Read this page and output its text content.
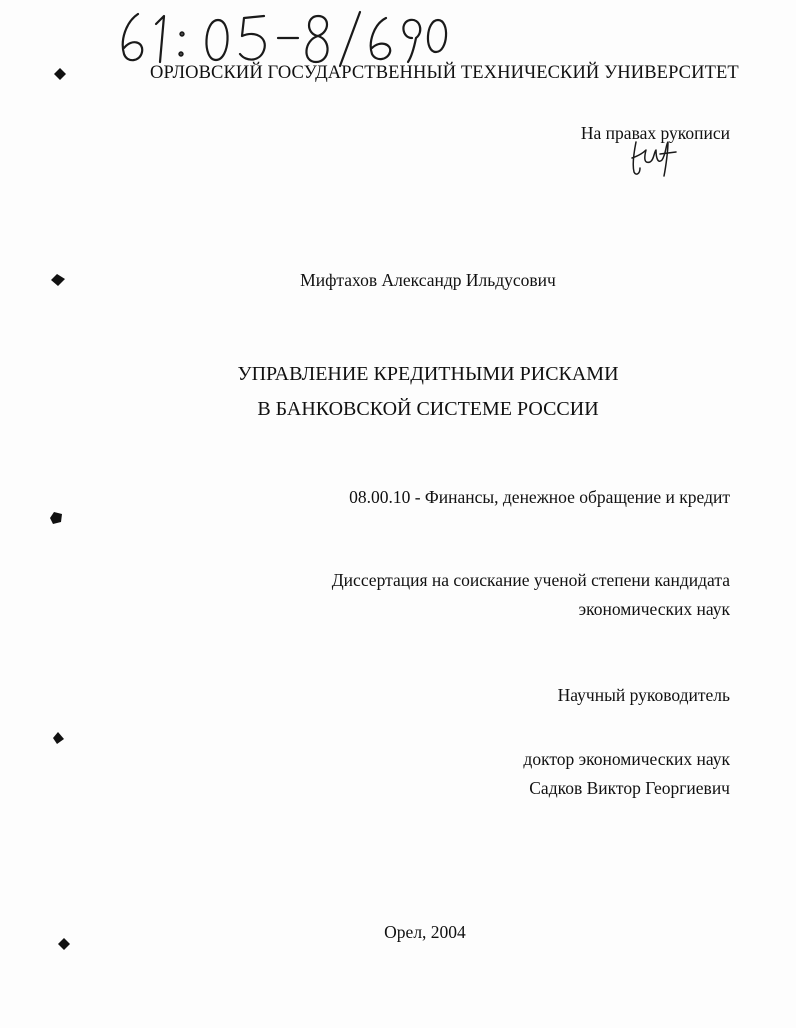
ОРЛОВСКИЙ ГОСУДАРСТВЕННЫЙ ТЕХНИЧЕСКИЙ УНИВЕРСИТЕТ
На правах рукописи
Мифтахов Александр Ильдусович
УПРАВЛЕНИЕ КРЕДИТНЫМИ РИСКАМИ
В БАНКОВСКОЙ СИСТЕМЕ РОССИИ
08.00.10 - Финансы, денежное обращение и кредит
Диссертация на соискание ученой степени кандидата
экономических наук
Научный руководитель
доктор экономических наук
Садков Виктор Георгиевич
Орел, 2004
